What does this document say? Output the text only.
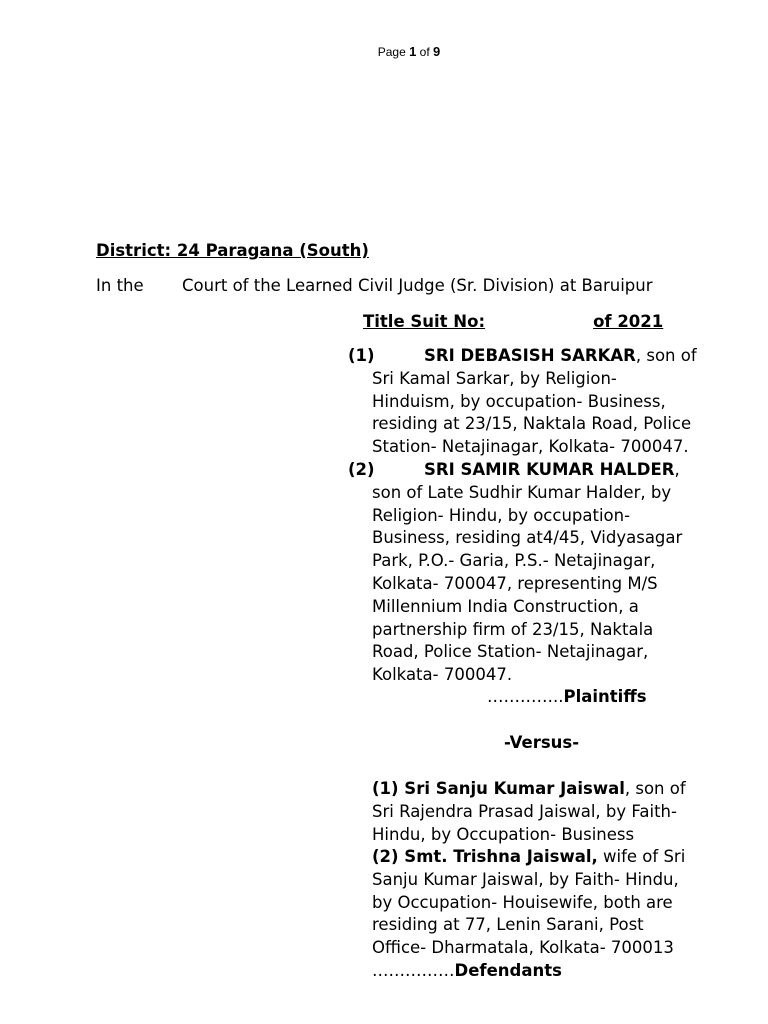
Page 1 of 9
District: 24 Paragana (South)
In the Court of the Learned Civil Judge (Sr. Division) at Baruipur
Title Suit No:	of 2021
(1)	SRI DEBASISH SARKAR, son of
Sri Kamal Sarkar, by Religion-
Hinduism, by occupation- Business,
residing at 23/15, Naktala Road, Police
Station- Netajinagar, Kolkata- 700047.
(2)	SRI SAMIR KUMAR HALDER,
son of Late Sudhir Kumar Halder, by
Religion- Hindu, by occupation-
Business, residing at4/45, Vidyasagar
Park, P.O.- Garia, P.S.- Netajinagar,
Kolkata- 700047, representing M/S
Millennium India Construction, a
partnership firm of 23/15, Naktala
Road, Police Station- Netajinagar,
Kolkata- 700047.
…………..Plaintiffs
-Versus-
(1) Sri Sanju Kumar Jaiswal, son of
Sri Rajendra Prasad Jaiswal, by Faith-
Hindu, by Occupation- Business
(2) Smt. Trishna Jaiswal, wife of Sri
Sanju Kumar Jaiswal, by Faith- Hindu,
by Occupation- Houisewife, both are
residing at 77, Lenin Sarani, Post
Office- Dharmatala, Kolkata- 700013
……………Defendants
